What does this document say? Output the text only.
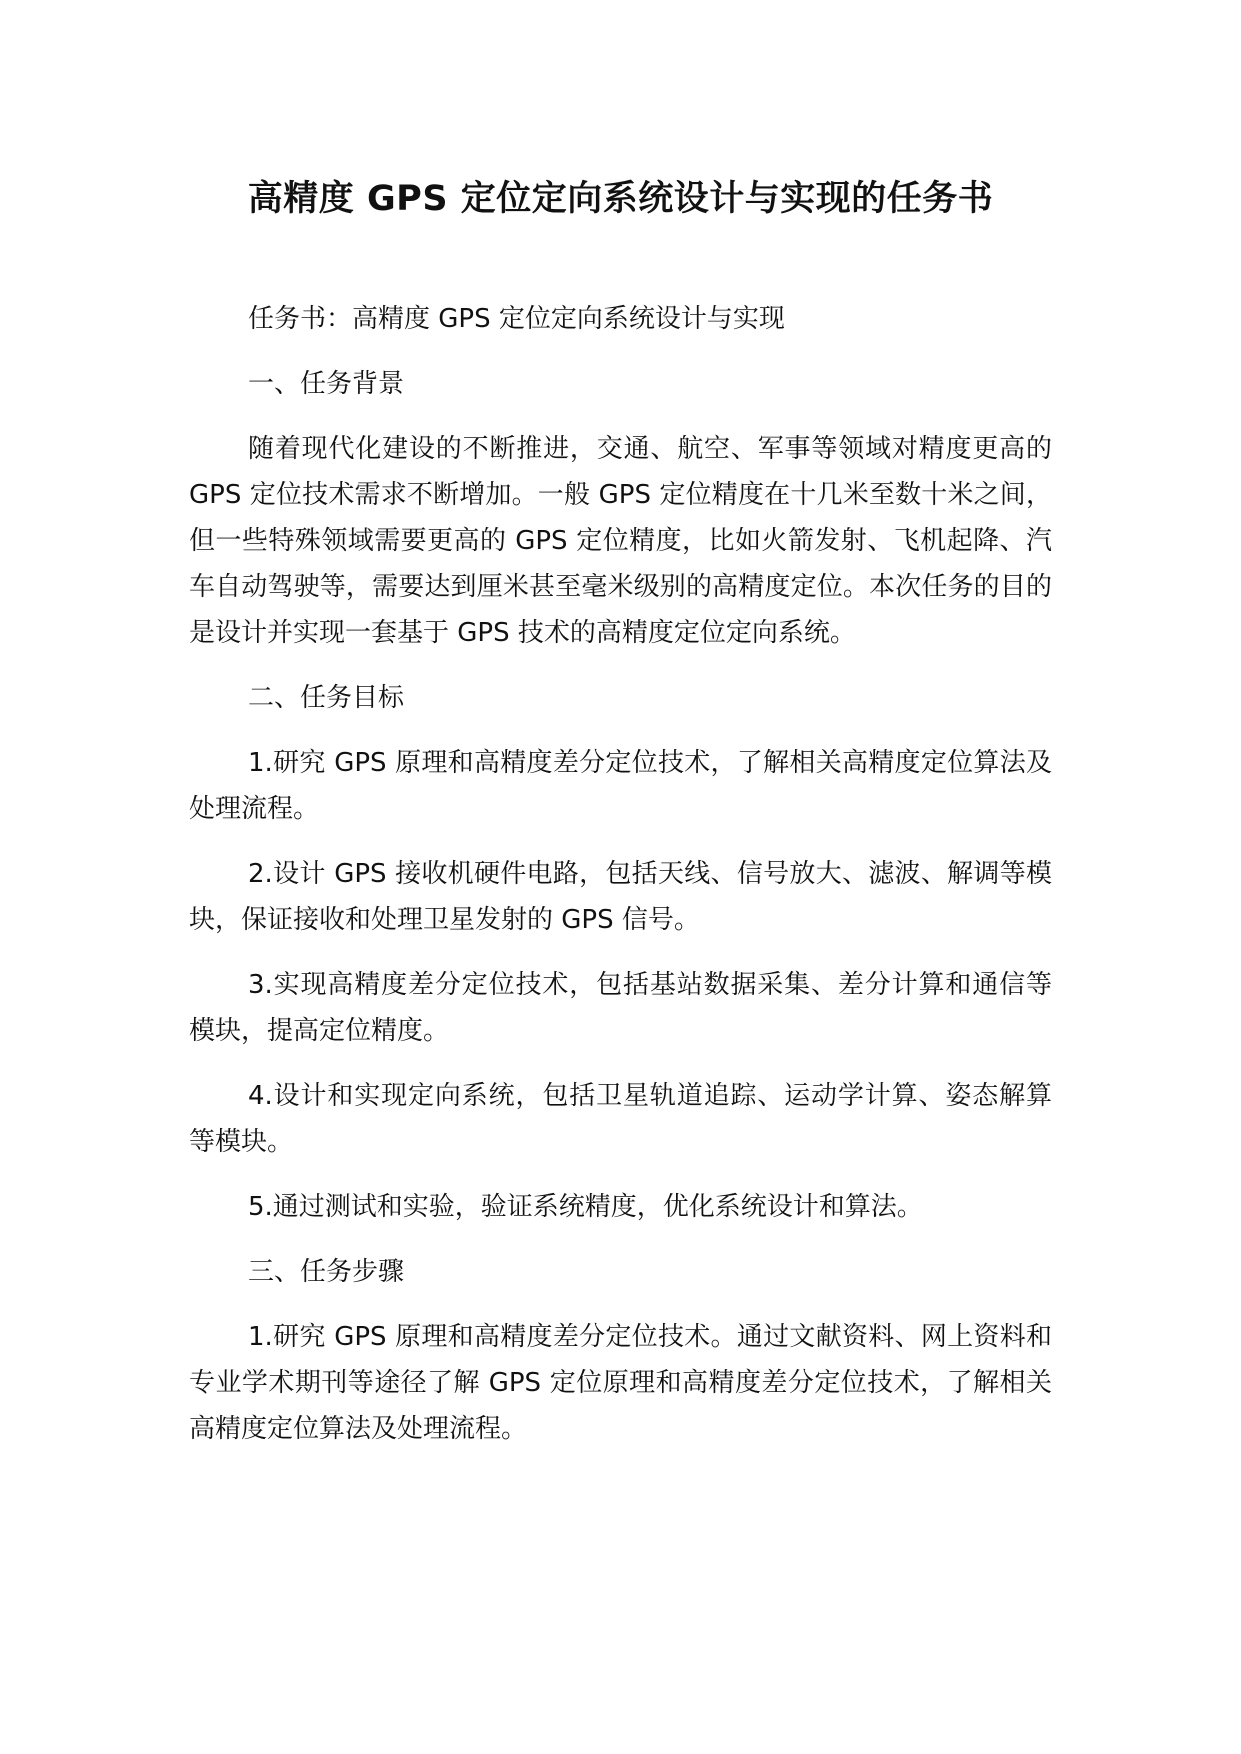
高精度 GPS 定位定向系统设计与实现的任务书

任务书：高精度 GPS 定位定向系统设计与实现

一、任务背景

随着现代化建设的不断推进，交通、航空、军事等领域对精度更高的 GPS 定位技术需求不断增加。一般 GPS 定位精度在十几米至数十米之间，但一些特殊领域需要更高的 GPS 定位精度，比如火箭发射、飞机起降、汽车自动驾驶等，需要达到厘米甚至毫米级别的高精度定位。本次任务的目的是设计并实现一套基于 GPS 技术的高精度定位定向系统。

二、任务目标

1.研究 GPS 原理和高精度差分定位技术，了解相关高精度定位算法及处理流程。

2.设计 GPS 接收机硬件电路，包括天线、信号放大、滤波、解调等模块，保证接收和处理卫星发射的 GPS 信号。

3.实现高精度差分定位技术，包括基站数据采集、差分计算和通信等模块，提高定位精度。

4.设计和实现定向系统，包括卫星轨道追踪、运动学计算、姿态解算等模块。

5.通过测试和实验，验证系统精度，优化系统设计和算法。

三、任务步骤

1.研究 GPS 原理和高精度差分定位技术。通过文献资料、网上资料和专业学术期刊等途径了解 GPS 定位原理和高精度差分定位技术，了解相关高精度定位算法及处理流程。
